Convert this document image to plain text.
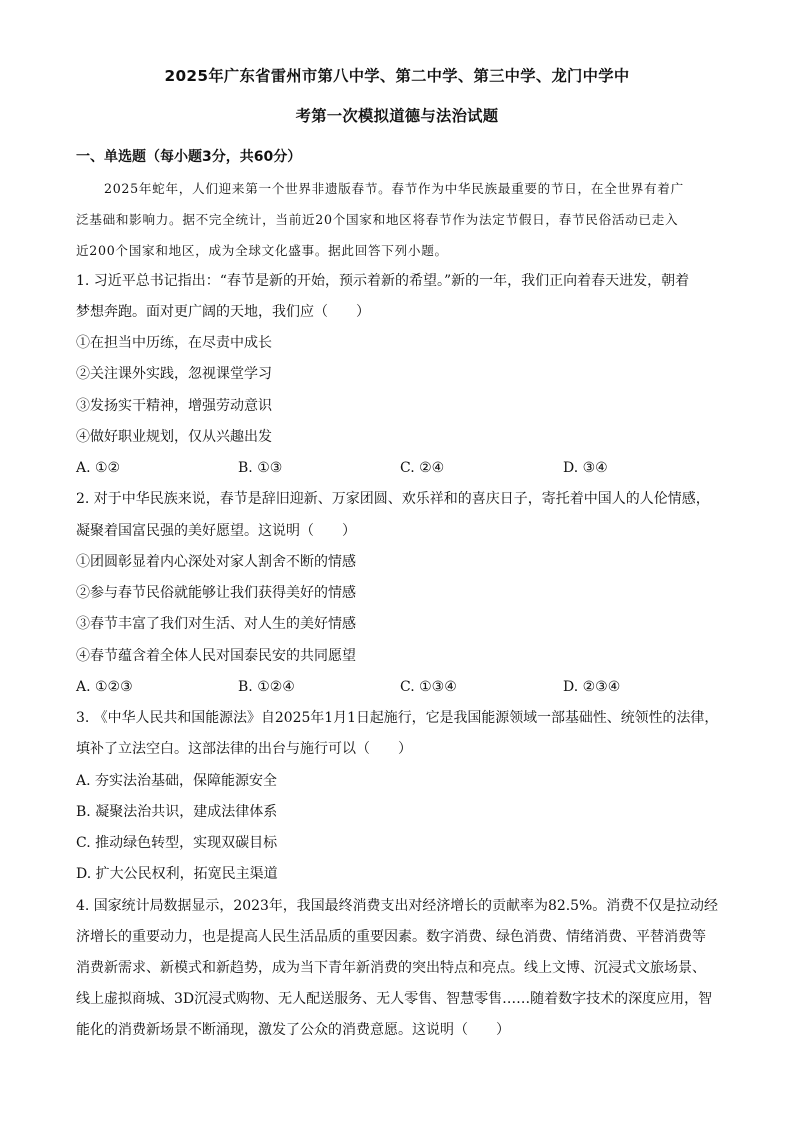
2025年广东省雷州市第八中学、第二中学、第三中学、龙门中学中
考第一次模拟道德与法治试题
一、单选题（每小题3分，共60分）
2025年蛇年，人们迎来第一个世界非遗版春节。春节作为中华民族最重要的节日，在全世界有着广
泛基础和影响力。据不完全统计，当前近20个国家和地区将春节作为法定节假日，春节民俗活动已走入
近200个国家和地区，成为全球文化盛事。据此回答下列小题。
1. 习近平总书记指出：“春节是新的开始，预示着新的希望。”新的一年，我们正向着春天进发，朝着
梦想奔跑。面对更广阔的天地，我们应（　　）
①在担当中历练，在尽责中成长
②关注课外实践，忽视课堂学习
③发扬实干精神，增强劳动意识
④做好职业规划，仅从兴趣出发
A. ①②	B. ①③	C. ②④	D. ③④
2. 对于中华民族来说，春节是辞旧迎新、万家团圆、欢乐祥和的喜庆日子，寄托着中国人的人伦情感，
凝聚着国富民强的美好愿望。这说明（　　）
①团圆彰显着内心深处对家人割舍不断的情感
②参与春节民俗就能够让我们获得美好的情感
③春节丰富了我们对生活、对人生的美好情感
④春节蕴含着全体人民对国泰民安的共同愿望
A. ①②③	B. ①②④	C. ①③④	D. ②③④
3. 《中华人民共和国能源法》自2025年1月1日起施行，它是我国能源领域一部基础性、统领性的法律，
填补了立法空白。这部法律的出台与施行可以（　　）
A. 夯实法治基础，保障能源安全
B. 凝聚法治共识，建成法律体系
C. 推动绿色转型，实现双碳目标
D. 扩大公民权利，拓宽民主渠道
4. 国家统计局数据显示，2023年，我国最终消费支出对经济增长的贡献率为82.5%。消费不仅是拉动经
济增长的重要动力，也是提高人民生活品质的重要因素。数字消费、绿色消费、情绪消费、平替消费等
消费新需求、新模式和新趋势，成为当下青年新消费的突出特点和亮点。线上文博、沉浸式文旅场景、
线上虚拟商城、3D沉浸式购物、无人配送服务、无人零售、智慧零售……随着数字技术的深度应用，智
能化的消费新场景不断涌现，激发了公众的消费意愿。这说明（　　）
